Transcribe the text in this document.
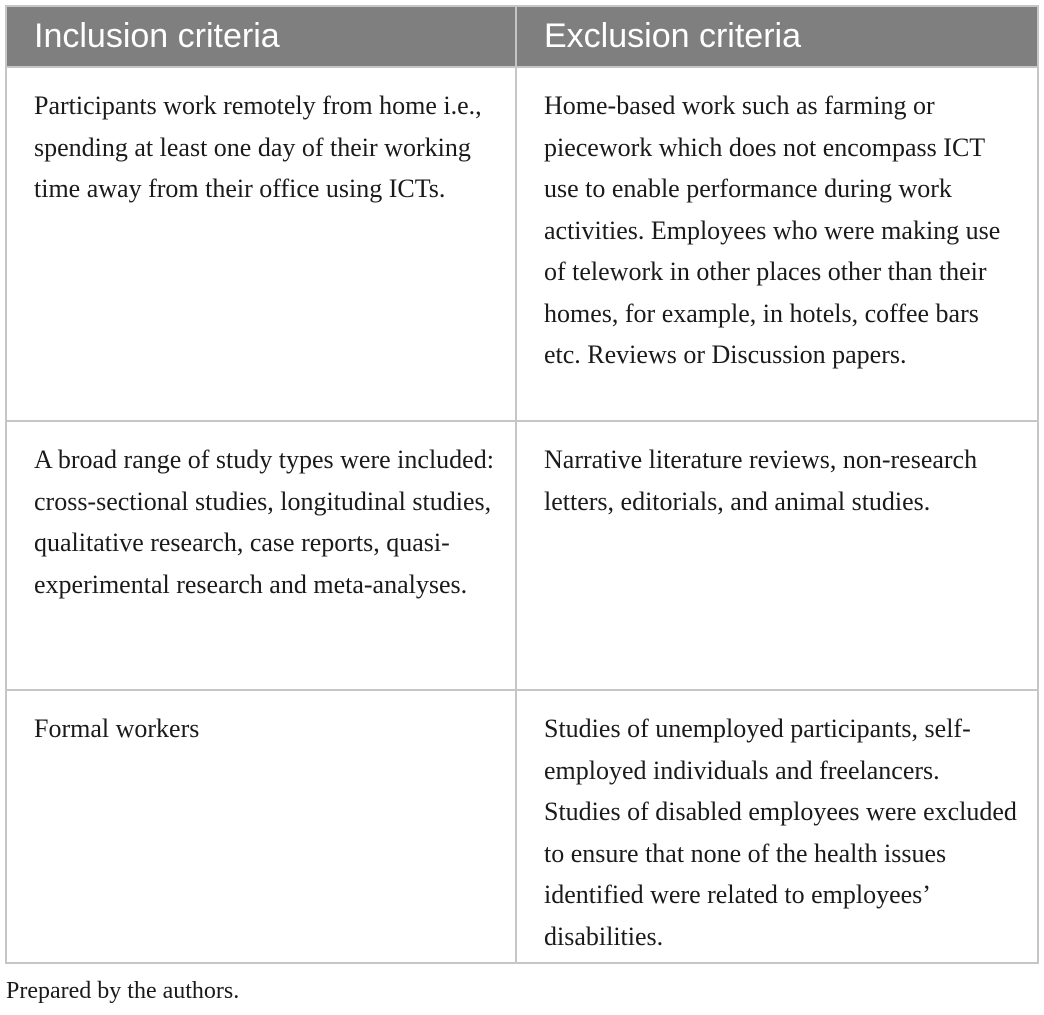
Inclusion criteria	Exclusion criteria
Participants work remotely from home i.e., spending at least one day of their working time away from their office using ICTs.	Home-based work such as farming or piecework which does not encompass ICT use to enable performance during work activities. Employees who were making use of telework in other places other than their homes, for example, in hotels, coffee bars etc. Reviews or Discussion papers.
A broad range of study types were included: cross-sectional studies, longitudinal studies, qualitative research, case reports, quasi-experimental research and meta-analyses.	Narrative literature reviews, non-research letters, editorials, and animal studies.
Formal workers	Studies of unemployed participants, self-employed individuals and freelancers. Studies of disabled employees were excluded to ensure that none of the health issues identified were related to employees’ disabilities.

Prepared by the authors.
